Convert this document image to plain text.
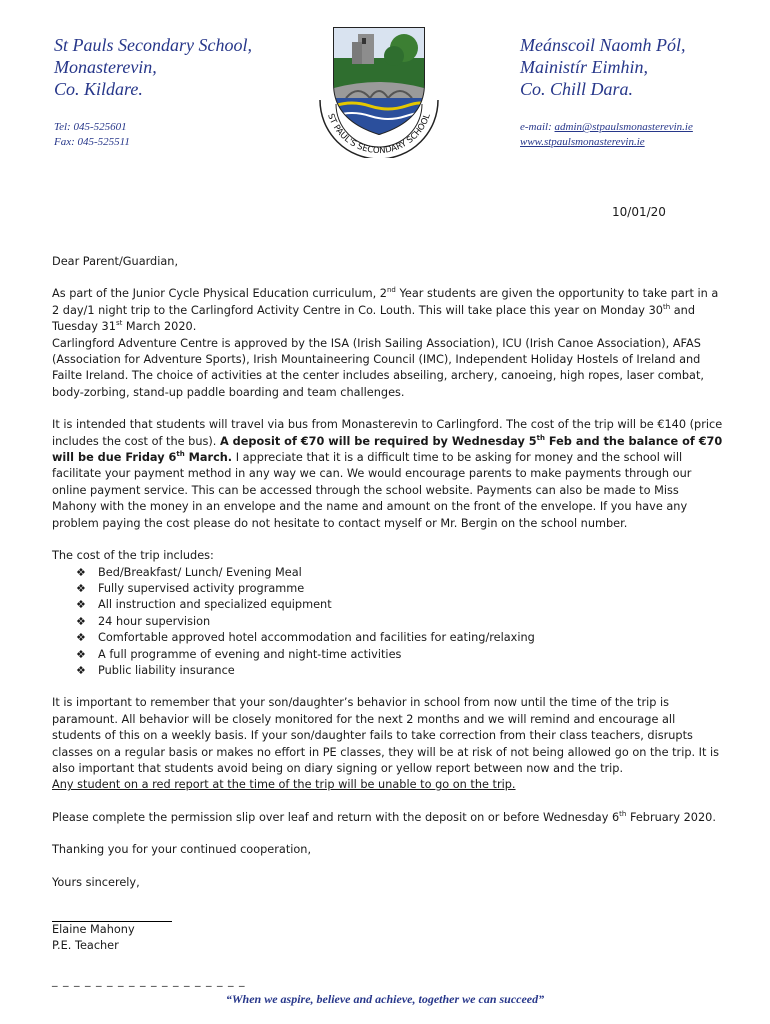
St Pauls Secondary School,
Monasterevin,
Co. Kildare.
Tel: 045-525601
Fax: 045-525511
ST PAUL'S SECONDARY SCHOOL
Meánscoil Naomh Pól,
Mainistír Eimhin,
Co. Chill Dara.
e-mail: admin@stpaulsmonasterevin.ie
www.stpaulsmonasterevin.ie
10/01/20

Dear Parent/Guardian,

As part of the Junior Cycle Physical Education curriculum, 2nd Year students are given the opportunity to take part in a 2 day/1 night trip to the Carlingford Activity Centre in Co. Louth. This will take place this year on Monday 30th and Tuesday 31st March 2020.

Carlingford Adventure Centre is approved by the ISA (Irish Sailing Association), ICU (Irish Canoe Association), AFAS (Association for Adventure Sports), Irish Mountaineering Council (IMC), Independent Holiday Hostels of Ireland and Failte Ireland. The choice of activities at the center includes abseiling, archery, canoeing, high ropes, laser combat, body-zorbing, stand-up paddle boarding and team challenges.

It is intended that students will travel via bus from Monasterevin to Carlingford. The cost of the trip will be €140 (price includes the cost of the bus). A deposit of €70 will be required by Wednesday 5th Feb and the balance of €70 will be due Friday 6th March. I appreciate that it is a difficult time to be asking for money and the school will facilitate your payment method in any way we can. We would encourage parents to make payments through our online payment service. This can be accessed through the school website. Payments can also be made to Miss Mahony with the money in an envelope and the name and amount on the front of the envelope. If you have any problem paying the cost please do not hesitate to contact myself or Mr. Bergin on the school number.

The cost of the trip includes:

❖ Bed/Breakfast/ Lunch/ Evening Meal
❖ Fully supervised activity programme
❖ All instruction and specialized equipment
❖ 24 hour supervision
❖ Comfortable approved hotel accommodation and facilities for eating/relaxing
❖ A full programme of evening and night-time activities
❖ Public liability insurance

It is important to remember that your son/daughter’s behavior in school from now until the time of the trip is paramount. All behavior will be closely monitored for the next 2 months and we will remind and encourage all students of this on a weekly basis. If your son/daughter fails to take correction from their class teachers, disrupts classes on a regular basis or makes no effort in PE classes, they will be at risk of not being allowed go on the trip. It is also important that students avoid being on diary signing or yellow report between now and the trip.
Any student on a red report at the time of the trip will be unable to go on the trip.

Please complete the permission slip over leaf and return with the deposit on or before Wednesday 6th February 2020.

Thanking you for your continued cooperation,

Yours sincerely,

Elaine Mahony

P.E. Teacher

_ _ _ _ _ _ _ _ _ _ _ _ _ _ _ _ _ _
“When we aspire, believe and achieve, together we can succeed”
